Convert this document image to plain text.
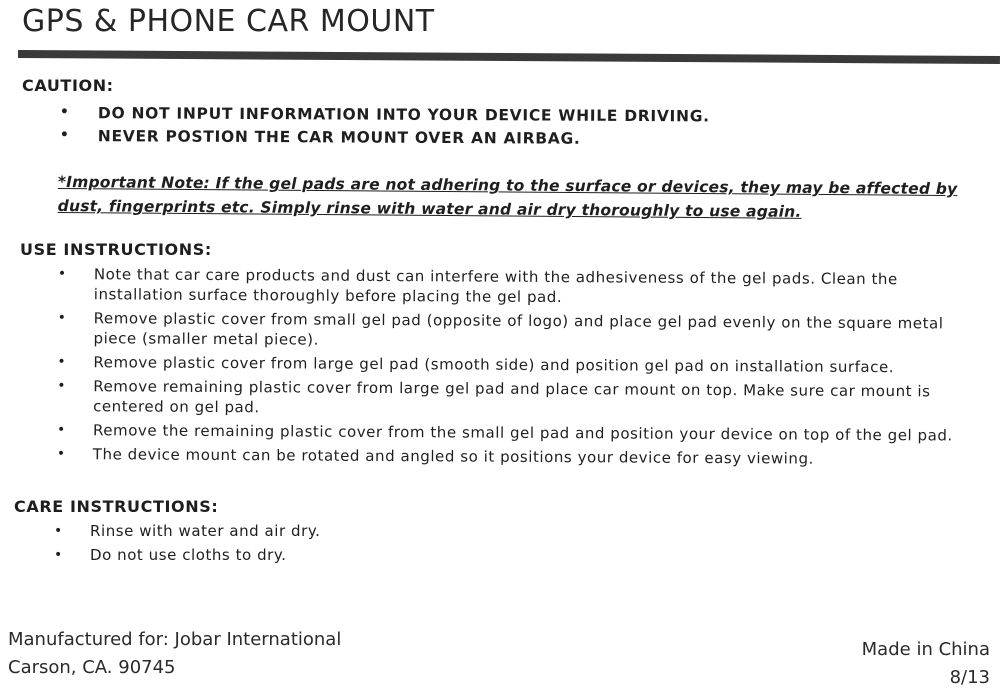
GPS & PHONE CAR MOUNT
CAUTION:
• DO NOT INPUT INFORMATION INTO YOUR DEVICE WHILE DRIVING.
• NEVER POSTION THE CAR MOUNT OVER AN AIRBAG.
*Important Note: If the gel pads are not adhering to the surface or devices, they may be affected by dust, fingerprints etc. Simply rinse with water and air dry thoroughly to use again.
USE INSTRUCTIONS:
• Note that car care products and dust can interfere with the adhesiveness of the gel pads. Clean the installation surface thoroughly before placing the gel pad.
• Remove plastic cover from small gel pad (opposite of logo) and place gel pad evenly on the square metal piece (smaller metal piece).
• Remove plastic cover from large gel pad (smooth side) and position gel pad on installation surface.
• Remove remaining plastic cover from large gel pad and place car mount on top. Make sure car mount is centered on gel pad.
• Remove the remaining plastic cover from the small gel pad and position your device on top of the gel pad.
• The device mount can be rotated and angled so it positions your device for easy viewing.
CARE INSTRUCTIONS:
• Rinse with water and air dry.
• Do not use cloths to dry.
Manufactured for: Jobar International
Carson, CA. 90745
Made in China
8/13
